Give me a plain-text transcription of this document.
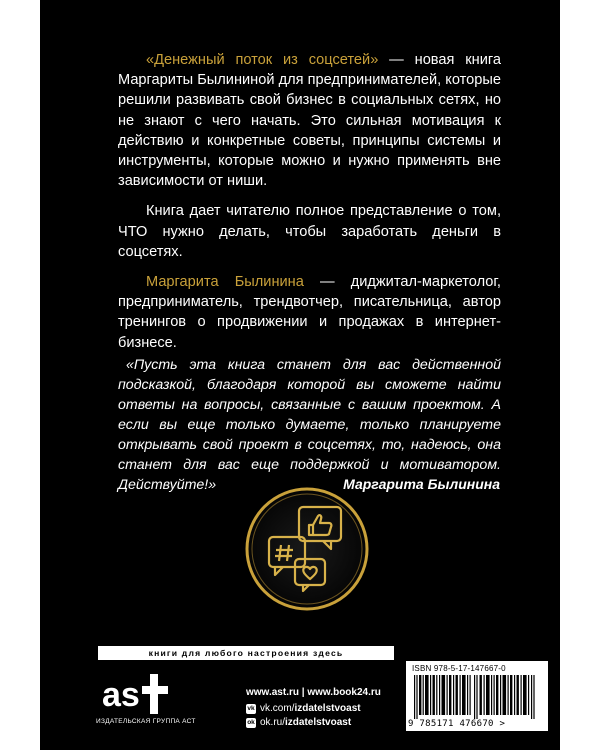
«Денежный поток из соцсетей» — новая книга Маргариты Былининой для предпринимателей, которые решили развивать свой бизнес в социальных сетях, но не знают с чего начать. Это сильная мотивация к действию и конкретные советы, принципы системы и инструменты, которые можно и нужно применять вне зависимости от ниши.

Книга дает читателю полное представление о том, ЧТО нужно делать, чтобы заработать деньги в соцсетях.

Маргарита Былинина — диджитал-маркетолог, предприниматель, трендвотчер, писательница, автор тренингов о продвижении и продажах в интернет-бизнесе.

«Пусть эта книга станет для вас действенной подсказкой, благодаря которой вы сможете найти ответы на вопросы, связанные с вашим проектом. А если вы еще только думаете, только планируете открывать свой проект в соцсетях, то, надеюсь, она станет для вас еще поддержкой и мотиватором. Действуйте!»	Маргарита Былинина
книги для любого настроения здесь
as
ИЗДАТЕЛЬСКАЯ ГРУППА АСТ
www.ast.ru | www.book24.ru
vk vk.com/izdatelstvoast
ok ok.ru/izdatelstvoast
ISBN 978-5-17-147667-0
9 785171 476670 >
